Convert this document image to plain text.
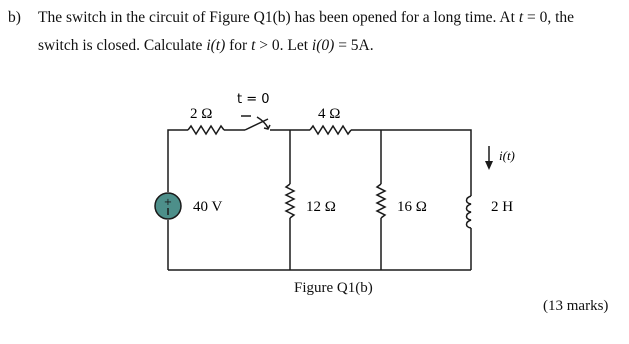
b) The switch in the circuit of Figure Q1(b) has been opened for a long time. At t = 0, the
switch is closed. Calculate i(t) for t > 0. Let i(0) = 5A.
+
2 Ω
t = 0
4 Ω
40 V	12 Ω	16 Ω
i(t)
2 H
Figure Q1(b)
(13 marks)
